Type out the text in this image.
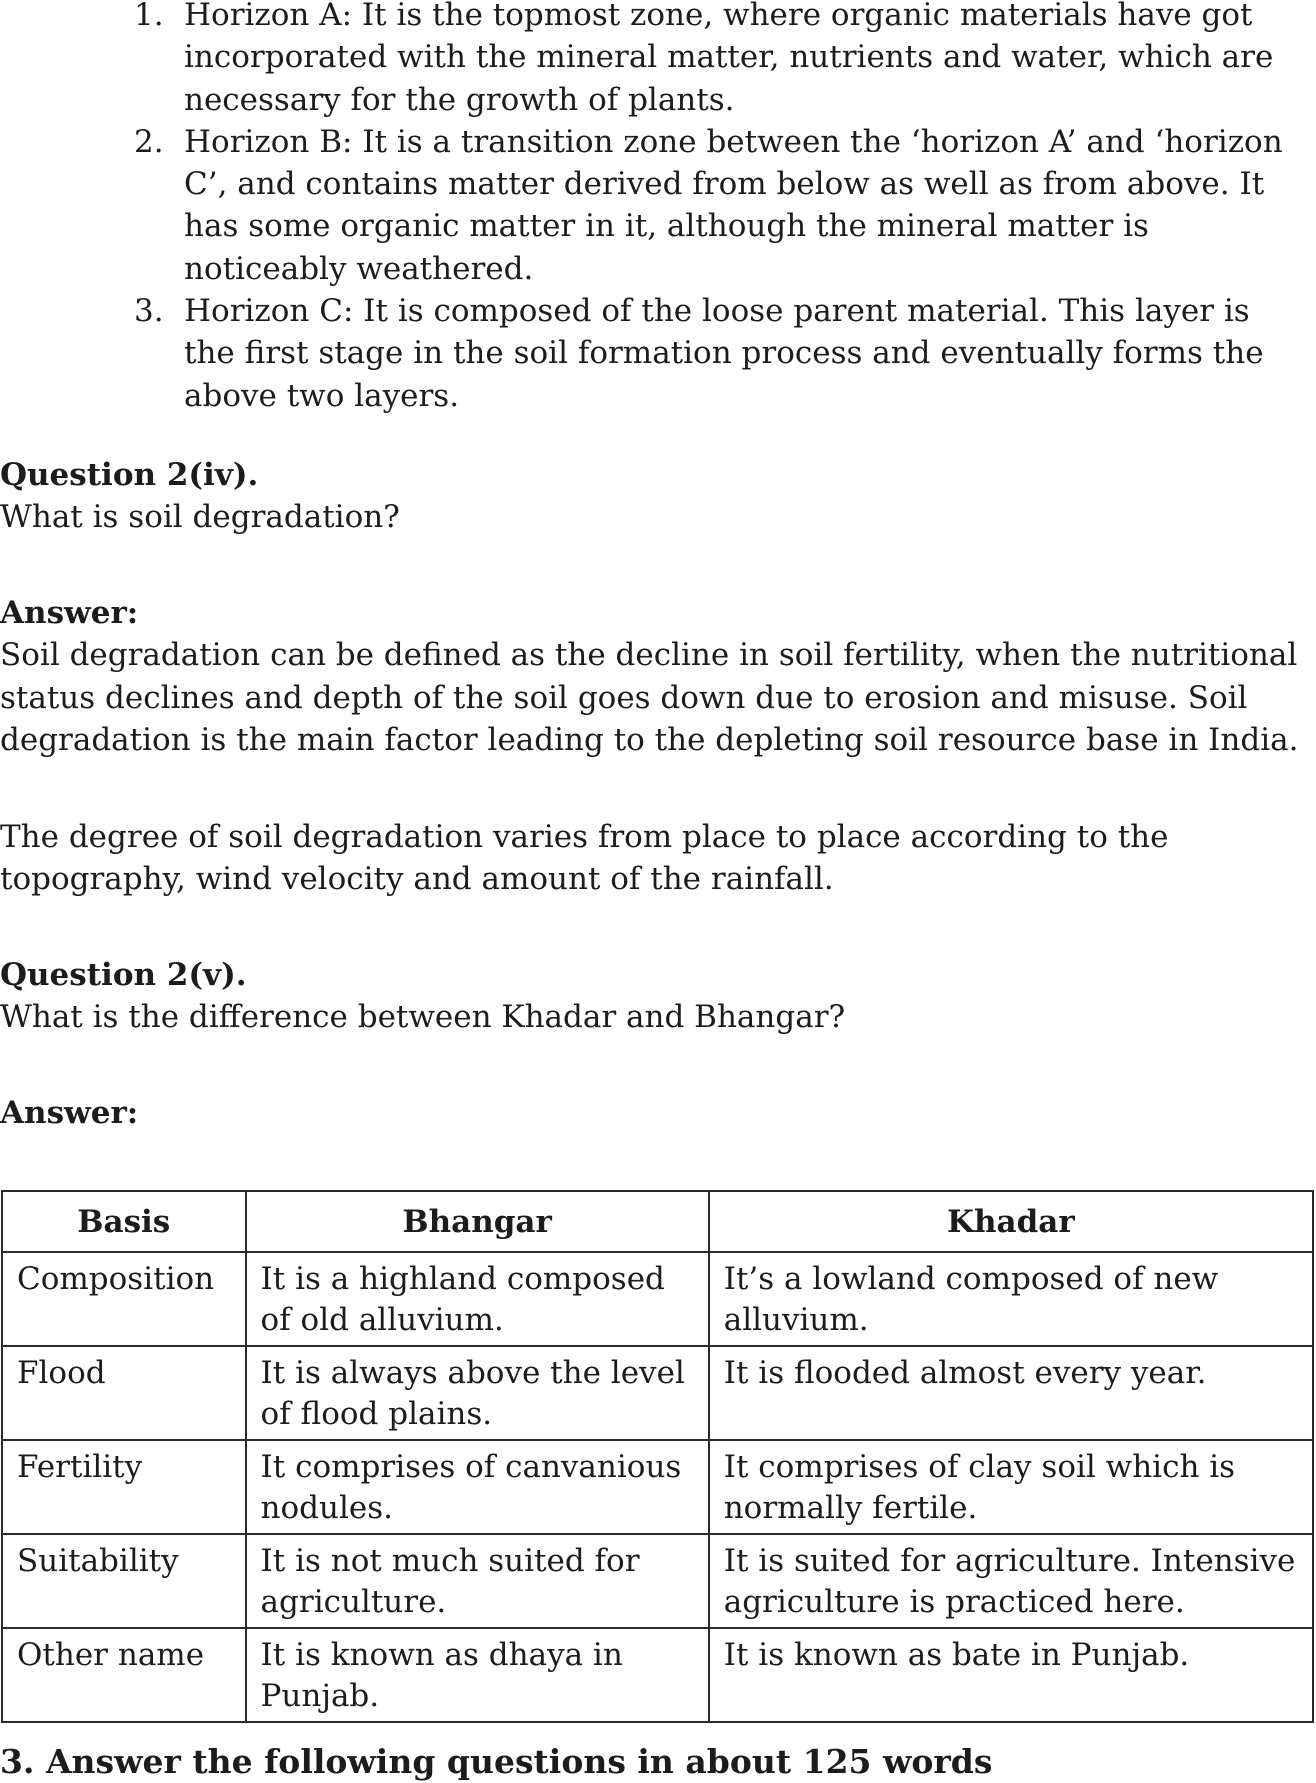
1. Horizon A: It is the topmost zone, where organic materials have got incorporated with the mineral matter, nutrients and water, which are necessary for the growth of plants.
2. Horizon B: It is a transition zone between the ‘horizon A’ and ‘horizon C’, and contains matter derived from below as well as from above. It has some organic matter in it, although the mineral matter is noticeably weathered.
3. Horizon C: It is composed of the loose parent material. This layer is the first stage in the soil formation process and eventually forms the above two layers.
Question 2(iv).
What is soil degradation?
Answer:
Soil degradation can be defined as the decline in soil fertility, when the nutritional status declines and depth of the soil goes down due to erosion and misuse. Soil degradation is the main factor leading to the depleting soil resource base in India.
The degree of soil degradation varies from place to place according to the topography, wind velocity and amount of the rainfall.
Question 2(v).
What is the difference between Khadar and Bhangar?
Answer:
Basis	Bhangar	Khadar
Composition	It is a highland composed of old alluvium.	It’s a lowland composed of new alluvium.
Flood	It is always above the level of flood plains.	It is flooded almost every year.
Fertility	It comprises of canvanious nodules.	It comprises of clay soil which is normally fertile.
Suitability	It is not much suited for agriculture.	It is suited for agriculture. Intensive agriculture is practiced here.
Other name	It is known as dhaya in Punjab.	It is known as bate in Punjab.
3. Answer the following questions in about 125 words
